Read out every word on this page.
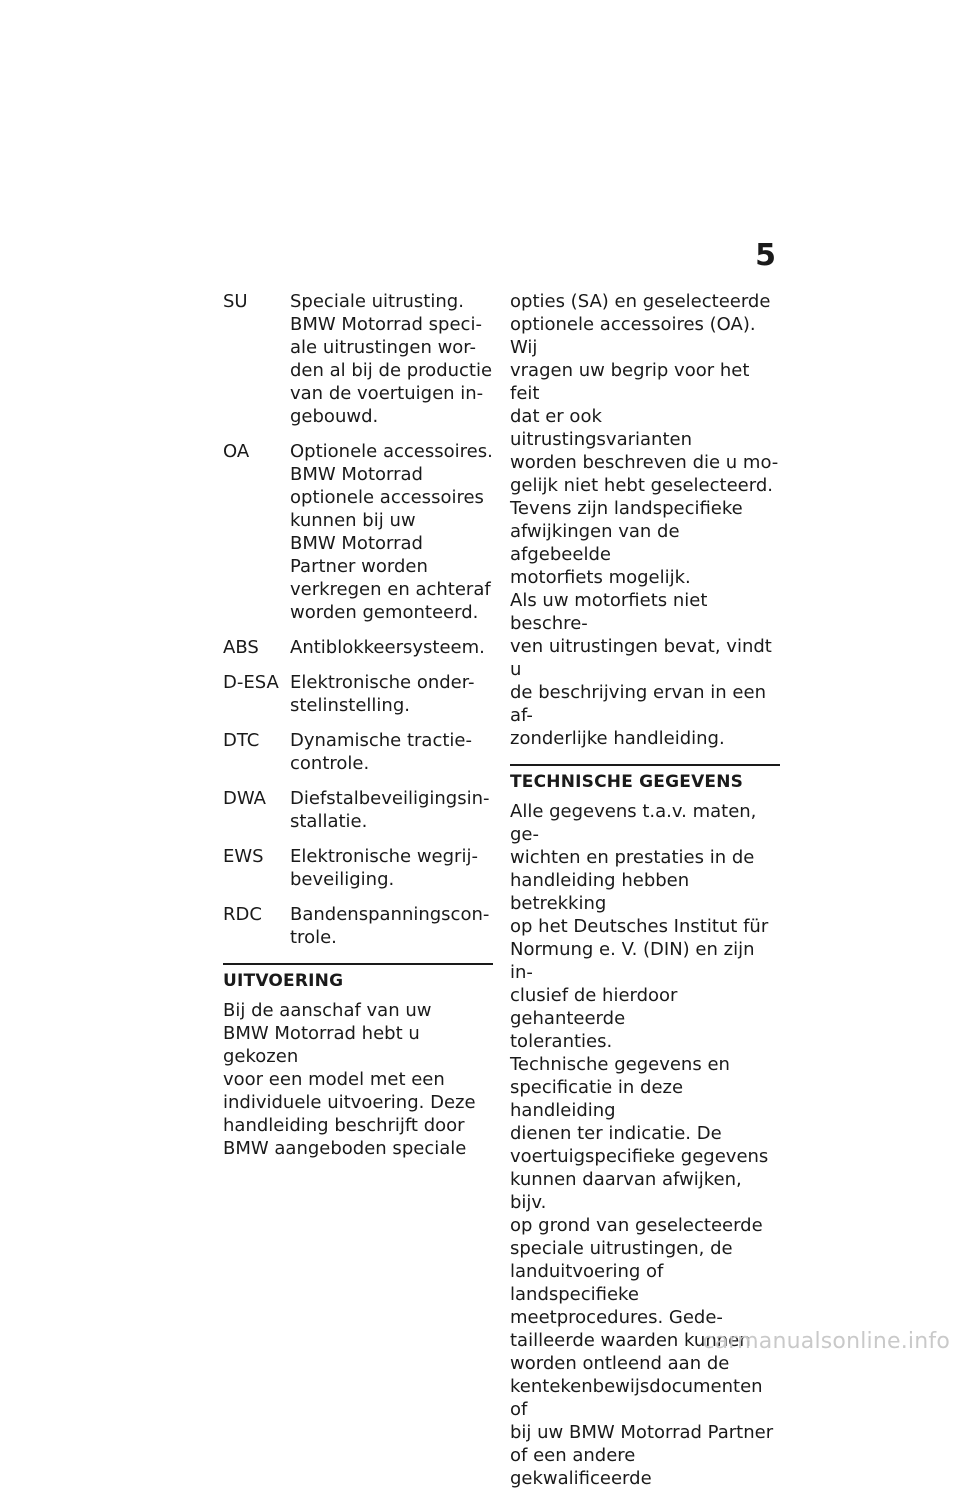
5
SU	Speciale uitrusting.
BMW Motorrad speci-
ale uitrustingen wor-
den al bij de productie
van de voertuigen in-
gebouwd.
OA	Optionele accessoires.
BMW Motorrad
optionele accessoires
kunnen bij uw
BMW Motorrad
Partner worden
verkregen en achteraf
worden gemonteerd.
ABS	Antiblokkeersysteem.
D-ESA Elektronische onder-
stelinstelling.
DTC	Dynamische tractie-
controle.
DWA	Diefstalbeveiligingsin-
stallatie.
EWS	Elektronische wegrij-
beveiliging.
RDC	Bandenspanningscon-
trole.
UITVOERING

Bij de aanschaf van uw
BMW Motorrad hebt u gekozen
voor een model met een
individuele uitvoering. Deze
handleiding beschrijft door
BMW aangeboden speciale

opties (SA) en geselecteerde
optionele accessoires (OA). Wij
vragen uw begrip voor het feit
dat er ook uitrustingsvarianten
worden beschreven die u mo-
gelijk niet hebt geselecteerd.
Tevens zijn landspecifieke
afwijkingen van de afgebeelde
motorfiets mogelijk.
Als uw motorfiets niet beschre-
ven uitrustingen bevat, vindt u
de beschrijving ervan in een af-
zonderlijke handleiding.

TECHNISCHE GEGEVENS

Alle gegevens t.a.v. maten, ge-
wichten en prestaties in de
handleiding hebben betrekking
op het Deutsches Institut für
Normung e. V. (DIN) en zijn in-
clusief de hierdoor gehanteerde
toleranties.
Technische gegevens en
specificatie in deze handleiding
dienen ter indicatie. De
voertuigspecifieke gegevens
kunnen daarvan afwijken, bijv.
op grond van geselecteerde
speciale uitrustingen, de
landuitvoering of landspecifieke
meetprocedures. Gede-
tailleerde waarden kunnen
worden ontleend aan de
kentekenbewijsdocumenten of
bij uw BMW Motorrad Partner
of een andere gekwalificeerde

carmanualsonline.info
